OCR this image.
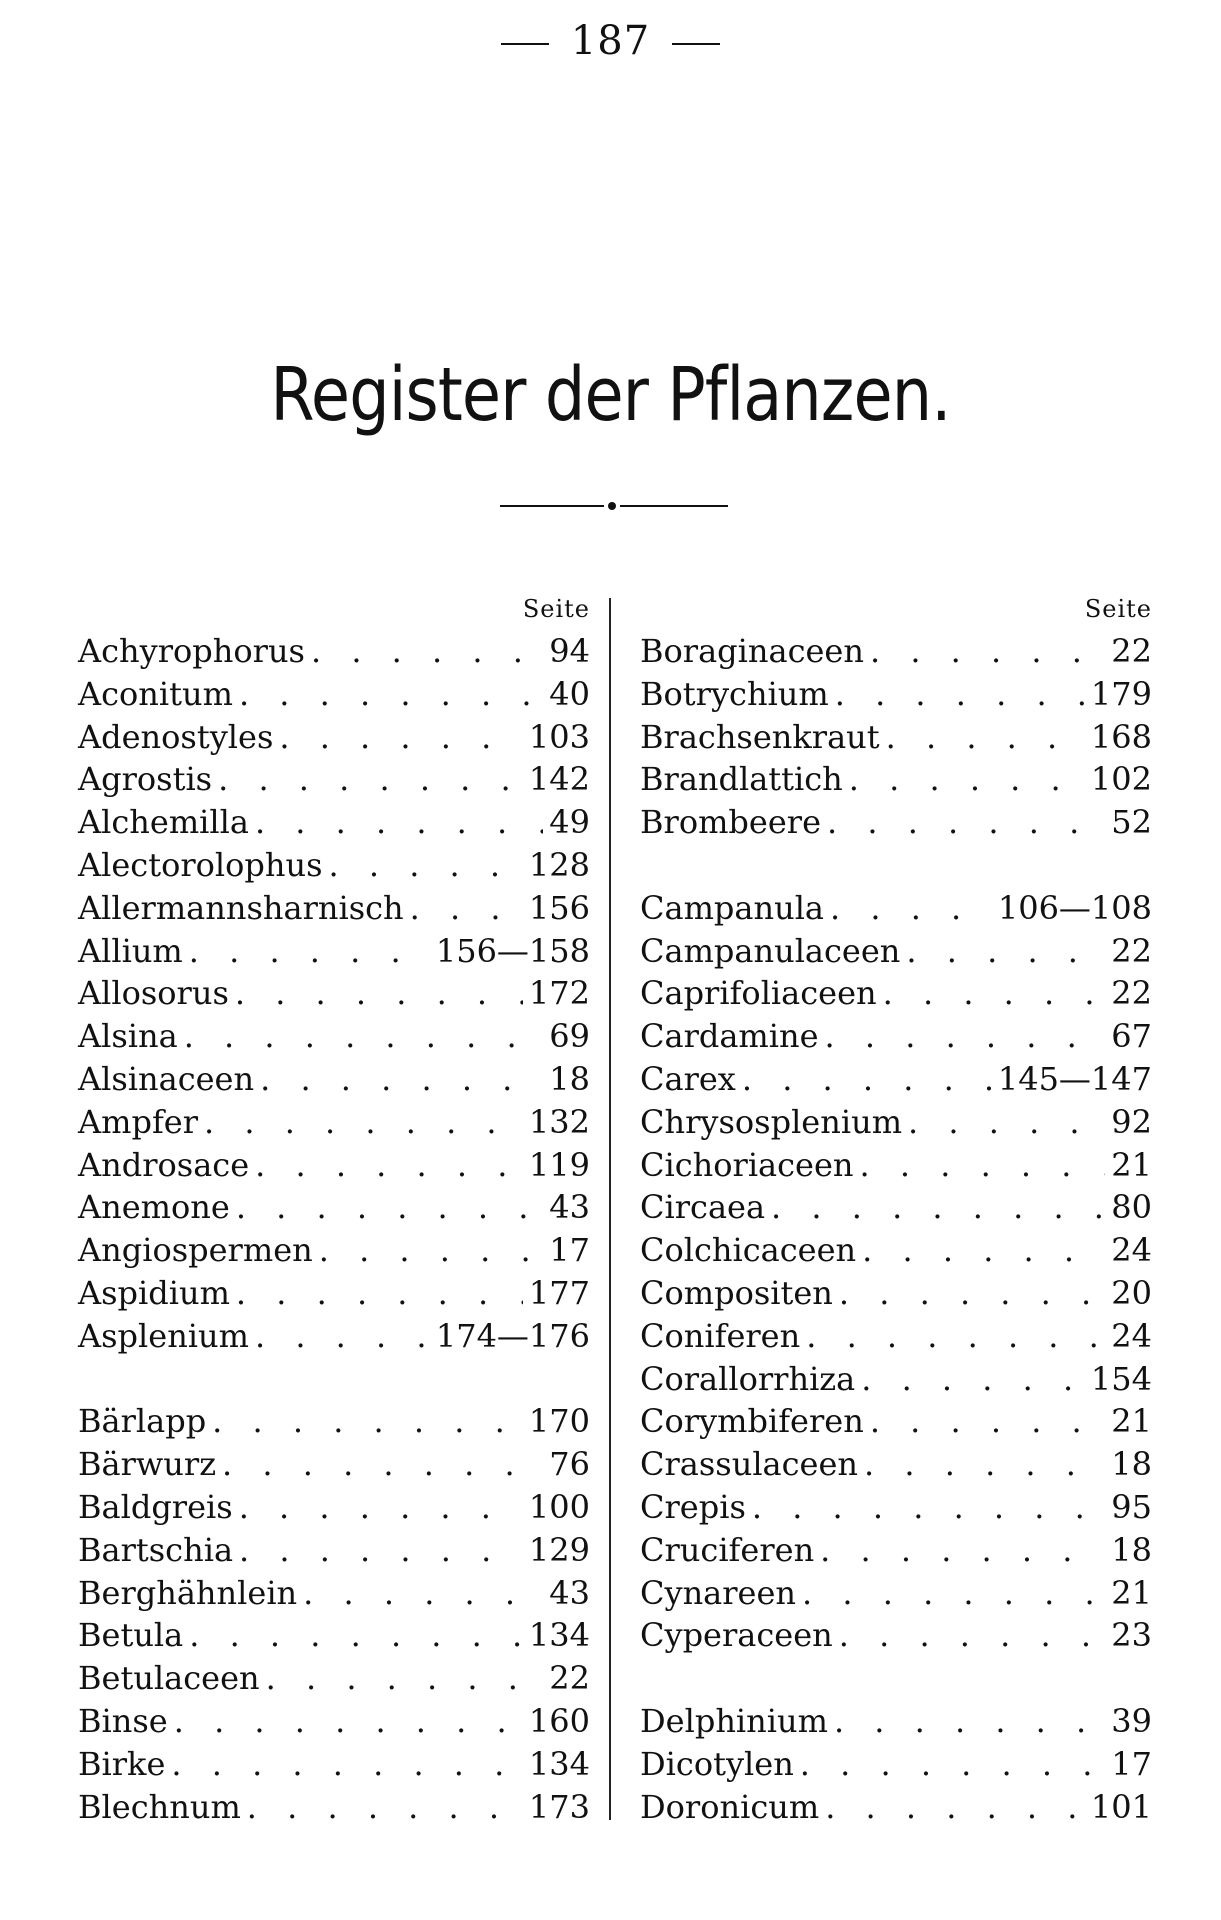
187
Register der Pflanzen.
Seite
Achyrophorus . . .	94
Aconitum . . .	40
Adenostyles . . .	103
Agrostis . . .	142
Alchemilla . . .	49
Alectorolophus . . .	128
Allermannsharnisch . . .	156
Allium . . .	156—158
Allosorus . . .	172
Alsina . . .	69
Alsinaceen . . .	18
Ampfer . . .	132
Androsace . . .	119
Anemone . . .	43
Angiospermen . . .	17
Aspidium . . .	177
Asplenium . . .	174—176
Bärlapp . . .	170
Bärwurz . . .	76
Baldgreis . . .	100
Bartschia . . .	129
Berghähnlein . . .	43
Betula . . .	134
Betulaceen . . .	22
Binse . . .	160
Birke . . .	134
Blechnum . . .	173
Seite
Boraginaceen . . .	22
Botrychium . . .	179
Brachsenkraut . . .	168
Brandlattich . . .	102
Brombeere . . .	52
Campanula . . .	106—108
Campanulaceen . . .	22
Caprifoliaceen . . .	22
Cardamine . . .	67
Carex . . .	145—147
Chrysosplenium . . .	92
Cichoriaceen . . .	21
Circaea . . .	80
Colchicaceen . . .	24
Compositen . . .	20
Coniferen . . .	24
Corallorrhiza . . .	154
Corymbiferen . . .	21
Crassulaceen . . .	18
Crepis . . .	95
Cruciferen . . .	18
Cynareen . . .	21
Cyperaceen . . .	23
Delphinium . . .	39
Dicotylen . . .	17
Doronicum . . .	101
